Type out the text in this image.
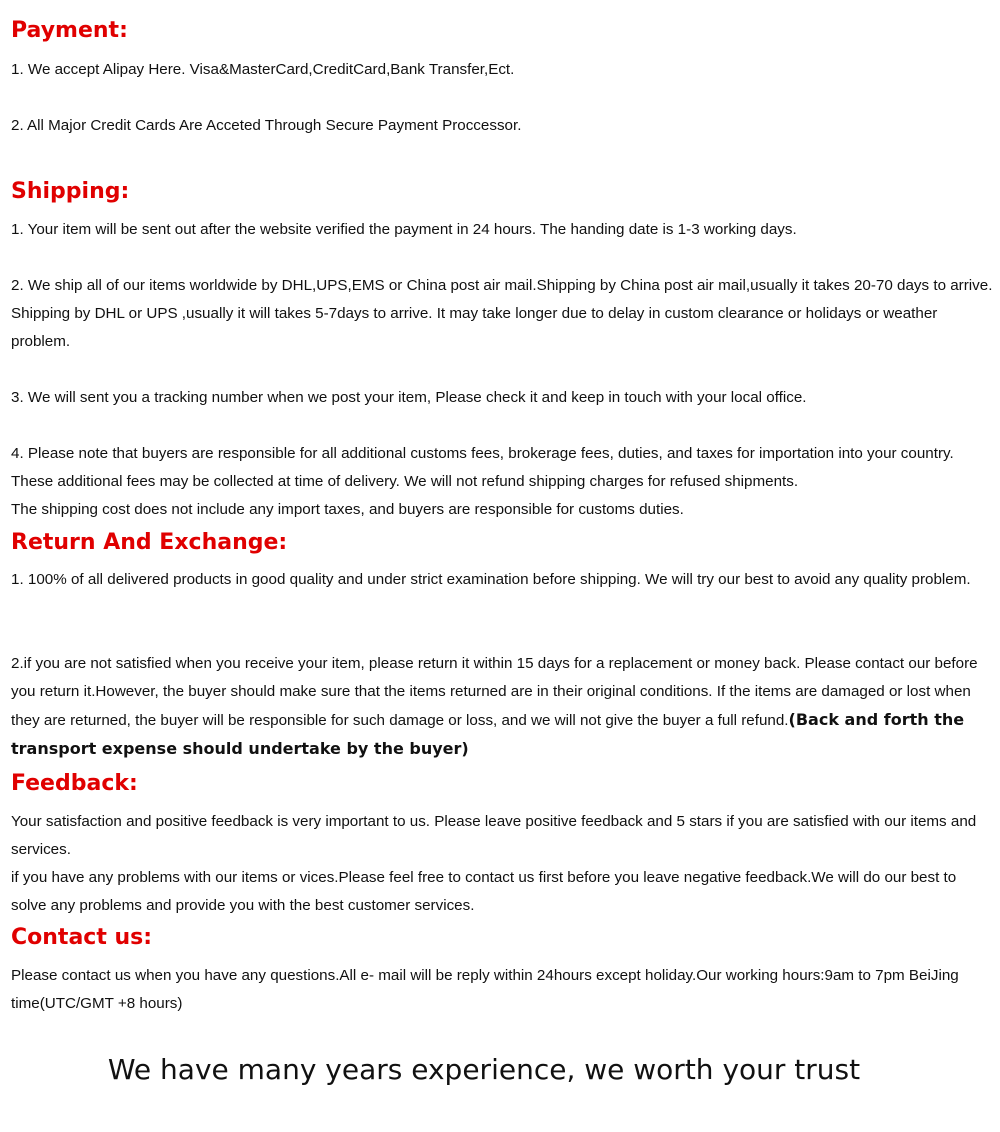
Payment:

1. We accept Alipay Here. Visa&MasterCard,CreditCard,Bank Transfer,Ect.

2. All Major Credit Cards Are Acceted Through Secure Payment Proccessor.

Shipping:

1. Your item will be sent out after the website verified the payment in 24 hours. The handing date is 1-3 working days.

2. We ship all of our items worldwide by DHL,UPS,EMS or China post air mail.Shipping by China post air mail,usually it takes 20-70 days to arrive. Shipping by DHL or UPS ,usually it will takes 5-7days to arrive. It may take longer due to delay in custom clearance or holidays or weather problem.

3. We will sent you a tracking number when we post your item, Please check it and keep in touch with your local office.

4. Please note that buyers are responsible for all additional customs fees, brokerage fees, duties, and taxes for importation into your country. These additional fees may be collected at time of delivery. We will not refund shipping charges for refused shipments.

The shipping cost does not include any import taxes, and buyers are responsible for customs duties.

Return And Exchange:

1. 100% of all delivered products in good quality and under strict examination before shipping. We will try our best to avoid any quality problem.

2.if you are not satisfied when you receive your item, please return it within 15 days for a replacement or money back. Please contact our before you return it.However, the buyer should make sure that the items returned are in their original conditions. If the items are damaged or lost when they are returned, the buyer will be responsible for such damage or loss, and we will not give the buyer a full refund.(Back and forth the transport expense should undertake by the buyer)

Feedback:

Your satisfaction and positive feedback is very important to us. Please leave positive feedback and 5 stars if you are satisfied with our items and services.

if you have any problems with our items or vices.Please feel free to contact us first before you leave negative feedback.We will do our best to solve any problems and provide you with the best customer services.

Contact us:

Please contact us when you have any questions.All e- mail will be reply within 24hours except holiday.Our working hours:9am to 7pm BeiJing time(UTC/GMT +8 hours)

We have many years experience, we worth your trust
